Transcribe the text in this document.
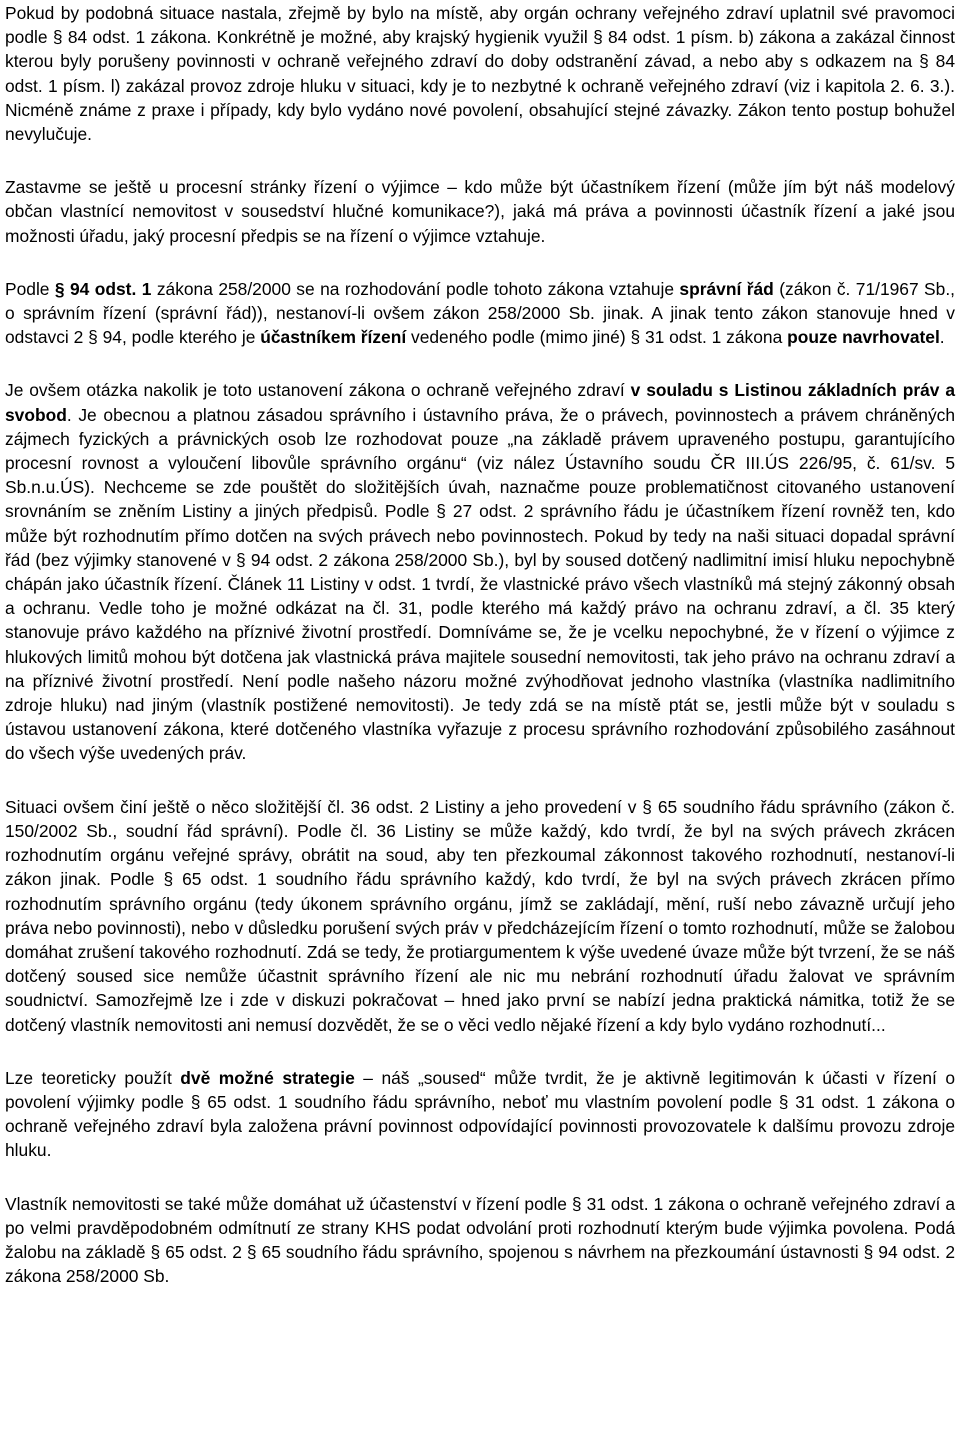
Pokud by podobná situace nastala, zřejmě by bylo na místě, aby orgán ochrany veřejného zdraví uplatnil své pravomoci podle § 84 odst. 1 zákona. Konkrétně je možné, aby krajský hygienik využil § 84 odst. 1 písm. b) zákona a zakázal činnost kterou byly porušeny povinnosti v ochraně veřejného zdraví do doby odstranění závad, a nebo aby s odkazem na § 84 odst. 1 písm. l) zakázal provoz zdroje hluku v situaci, kdy je to nezbytné k ochraně veřejného zdraví (viz i kapitola 2. 6. 3.). Nicméně známe z praxe i případy, kdy bylo vydáno nové povolení, obsahující stejné závazky. Zákon tento postup bohužel nevylučuje.

Zastavme se ještě u procesní stránky řízení o výjimce – kdo může být účastníkem řízení (může jím být náš modelový občan vlastnící nemovitost v sousedství hlučné komunikace?), jaká má práva a povinnosti účastník řízení a jaké jsou možnosti úřadu, jaký procesní předpis se na řízení o výjimce vztahuje.

Podle § 94 odst. 1 zákona 258/2000 se na rozhodování podle tohoto zákona vztahuje správní řád (zákon č. 71/1967 Sb., o správním řízení (správní řád)), nestanoví-li ovšem zákon 258/2000 Sb. jinak. A jinak tento zákon stanovuje hned v odstavci 2 § 94, podle kterého je účastníkem řízení vedeného podle (mimo jiné) § 31 odst. 1 zákona pouze navrhovatel.

Je ovšem otázka nakolik je toto ustanovení zákona o ochraně veřejného zdraví v souladu s Listinou základních práv a svobod. Je obecnou a platnou zásadou správního i ústavního práva, že o právech, povinnostech a právem chráněných zájmech fyzických a právnických osob lze rozhodovat pouze „na základě právem upraveného postupu, garantujícího procesní rovnost a vyloučení libovůle správního orgánu“ (viz nález Ústavního soudu ČR III.ÚS 226/95, č. 61/sv. 5 Sb.n.u.ÚS). Nechceme se zde pouštět do složitějších úvah, naznačme pouze problematičnost citovaného ustanovení srovnáním se zněním Listiny a jiných předpisů. Podle § 27 odst. 2 správního řádu je účastníkem řízení rovněž ten, kdo může být rozhodnutím přímo dotčen na svých právech nebo povinnostech. Pokud by tedy na naši situaci dopadal správní řád (bez výjimky stanovené v § 94 odst. 2 zákona 258/2000 Sb.), byl by soused dotčený nadlimitní imisí hluku nepochybně chápán jako účastník řízení. Článek 11 Listiny v odst. 1 tvrdí, že vlastnické právo všech vlastníků má stejný zákonný obsah a ochranu. Vedle toho je možné odkázat na čl. 31, podle kterého má každý právo na ochranu zdraví, a čl. 35 který stanovuje právo každého na příznivé životní prostředí. Domníváme se, že je vcelku nepochybné, že v řízení o výjimce z hlukových limitů mohou být dotčena jak vlastnická práva majitele sousední nemovitosti, tak jeho právo na ochranu zdraví a na příznivé životní prostředí. Není podle našeho názoru možné zvýhodňovat jednoho vlastníka (vlastníka nadlimitního zdroje hluku) nad jiným (vlastník postižené nemovitosti). Je tedy zdá se na místě ptát se, jestli může být v souladu s ústavou ustanovení zákona, které dotčeného vlastníka vyřazuje z procesu správního rozhodování způsobilého zasáhnout do všech výše uvedených práv.

Situaci ovšem činí ještě o něco složitější čl. 36 odst. 2 Listiny a jeho provedení v § 65 soudního řádu správního (zákon č. 150/2002 Sb., soudní řád správní). Podle čl. 36 Listiny se může každý, kdo tvrdí, že byl na svých právech zkrácen rozhodnutím orgánu veřejné správy, obrátit na soud, aby ten přezkoumal zákonnost takového rozhodnutí, nestanoví-li zákon jinak. Podle § 65 odst. 1 soudního řádu správního každý, kdo tvrdí, že byl na svých právech zkrácen přímo rozhodnutím správního orgánu (tedy úkonem správního orgánu, jímž se zakládají, mění, ruší nebo závazně určují jeho práva nebo povinnosti), nebo v důsledku porušení svých práv v předcházejícím řízení o tomto rozhodnutí, může se žalobou domáhat zrušení takového rozhodnutí. Zdá se tedy, že protiargumentem k výše uvedené úvaze může být tvrzení, že se náš dotčený soused sice nemůže účastnit správního řízení ale nic mu nebrání rozhodnutí úřadu žalovat ve správním soudnictví. Samozřejmě lze i zde v diskuzi pokračovat – hned jako první se nabízí jedna praktická námitka, totiž že se dotčený vlastník nemovitosti ani nemusí dozvědět, že se o věci vedlo nějaké řízení a kdy bylo vydáno rozhodnutí...

Lze teoreticky použít dvě možné strategie – náš „soused“ může tvrdit, že je aktivně legitimován k účasti v řízení o povolení výjimky podle § 65 odst. 1 soudního řádu správního, neboť mu vlastním povolení podle § 31 odst. 1 zákona o ochraně veřejného zdraví byla založena právní povinnost odpovídající povinnosti provozovatele k dalšímu provozu zdroje hluku.

Vlastník nemovitosti se také může domáhat už účastenství v řízení podle § 31 odst. 1 zákona o ochraně veřejného zdraví a po velmi pravděpodobném odmítnutí ze strany KHS podat odvolání proti rozhodnutí kterým bude výjimka povolena. Podá žalobu na základě § 65 odst. 2 § 65 soudního řádu správního, spojenou s návrhem na přezkoumání ústavnosti § 94 odst. 2 zákona 258/2000 Sb.
